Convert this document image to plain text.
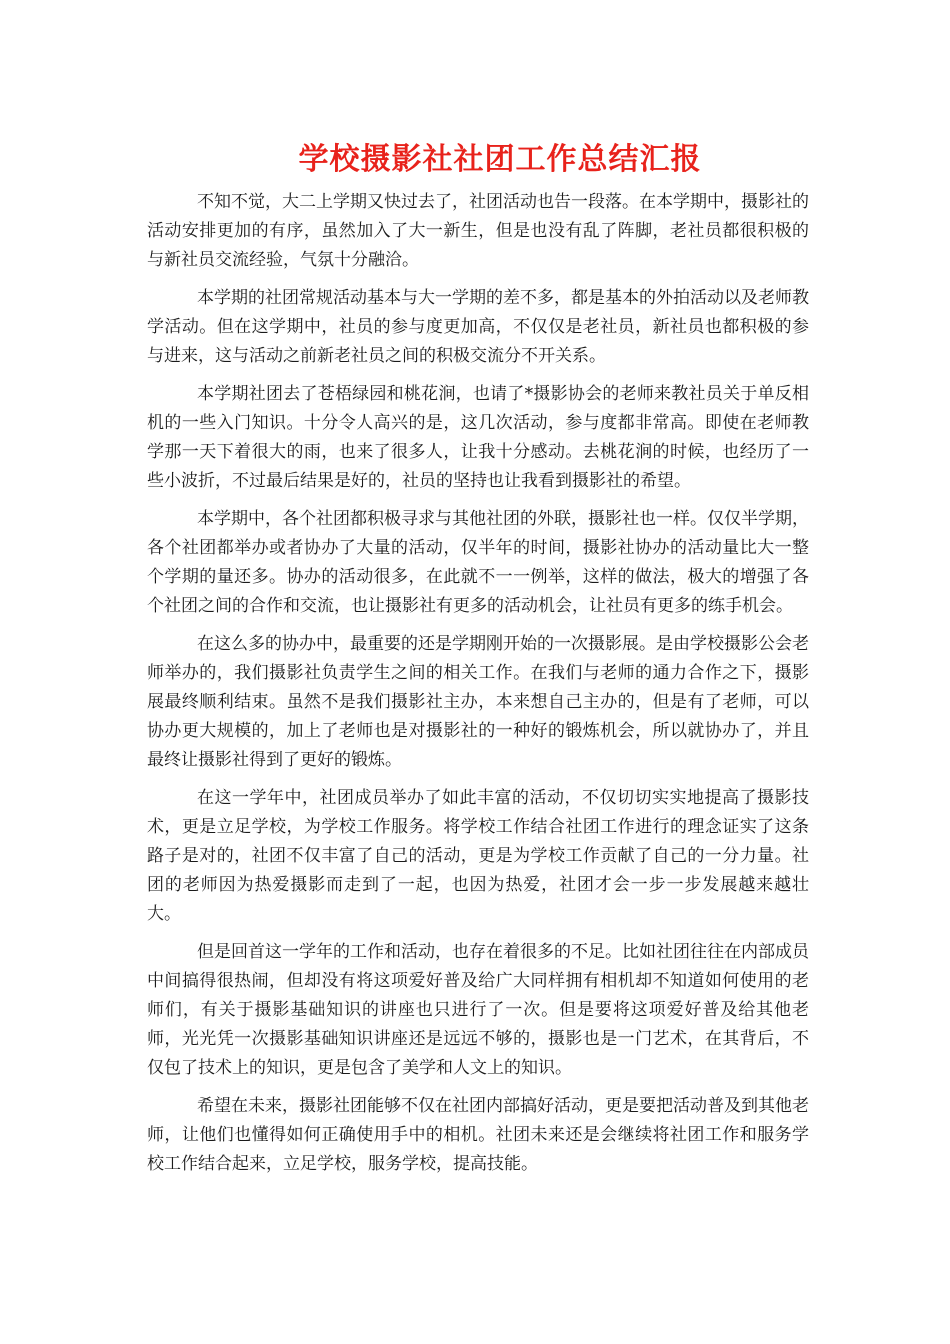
学校摄影社社团工作总结汇报

不知不觉，大二上学期又快过去了，社团活动也告一段落。在本学期中，摄影社的活动安排更加的有序，虽然加入了大一新生，但是也没有乱了阵脚，老社员都很积极的与新社员交流经验，气氛十分融洽。

本学期的社团常规活动基本与大一学期的差不多，都是基本的外拍活动以及老师教学活动。但在这学期中，社员的参与度更加高，不仅仅是老社员，新社员也都积极的参与进来，这与活动之前新老社员之间的积极交流分不开关系。

本学期社团去了苍梧绿园和桃花涧，也请了*摄影协会的老师来教社员关于单反相机的一些入门知识。十分令人高兴的是，这几次活动，参与度都非常高。即使在老师教学那一天下着很大的雨，也来了很多人，让我十分感动。去桃花涧的时候，也经历了一些小波折，不过最后结果是好的，社员的坚持也让我看到摄影社的希望。

本学期中，各个社团都积极寻求与其他社团的外联，摄影社也一样。仅仅半学期，各个社团都举办或者协办了大量的活动，仅半年的时间，摄影社协办的活动量比大一整个学期的量还多。协办的活动很多，在此就不一一例举，这样的做法，极大的增强了各个社团之间的合作和交流，也让摄影社有更多的活动机会，让社员有更多的练手机会。

在这么多的协办中，最重要的还是学期刚开始的一次摄影展。是由学校摄影公会老师举办的，我们摄影社负责学生之间的相关工作。在我们与老师的通力合作之下，摄影展最终顺利结束。虽然不是我们摄影社主办，本来想自己主办的，但是有了老师，可以协办更大规模的，加上了老师也是对摄影社的一种好的锻炼机会，所以就协办了，并且最终让摄影社得到了更好的锻炼。

在这一学年中，社团成员举办了如此丰富的活动，不仅切切实实地提高了摄影技术，更是立足学校，为学校工作服务。将学校工作结合社团工作进行的理念证实了这条路子是对的，社团不仅丰富了自己的活动，更是为学校工作贡献了自己的一分力量。社团的老师因为热爱摄影而走到了一起，也因为热爱，社团才会一步一步发展越来越壮大。

但是回首这一学年的工作和活动，也存在着很多的不足。比如社团往往在内部成员中间搞得很热闹，但却没有将这项爱好普及给广大同样拥有相机却不知道如何使用的老师们，有关于摄影基础知识的讲座也只进行了一次。但是要将这项爱好普及给其他老师，光光凭一次摄影基础知识讲座还是远远不够的，摄影也是一门艺术，在其背后，不仅包了技术上的知识，更是包含了美学和人文上的知识。

希望在未来，摄影社团能够不仅在社团内部搞好活动，更是要把活动普及到其他老师，让他们也懂得如何正确使用手中的相机。社团未来还是会继续将社团工作和服务学校工作结合起来，立足学校，服务学校，提高技能。
